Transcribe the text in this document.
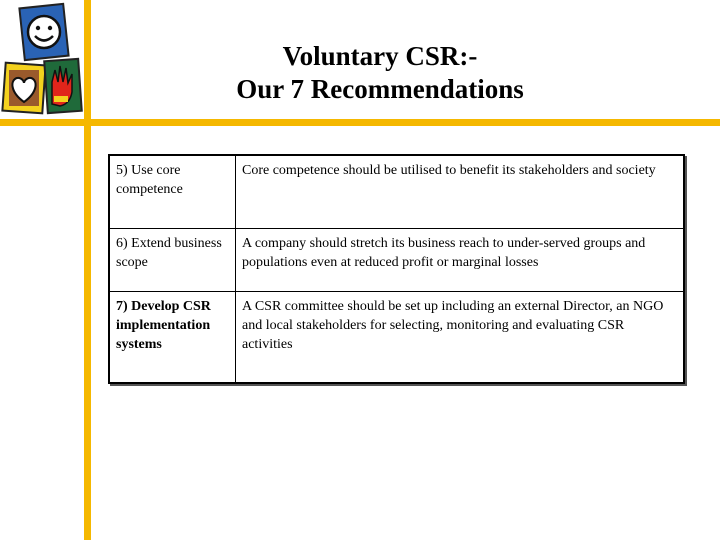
Voluntary CSR:-
Our 7 Recommendations
5) Use core competence	Core competence should be utilised to benefit its stakeholders and society
6) Extend business scope	A company should stretch its business reach to under-served groups and populations even at reduced profit or marginal losses
7) Develop CSR implementation systems	A CSR committee should be set up including an external Director, an NGO and local stakeholders for selecting, monitoring and evaluating CSR activities
